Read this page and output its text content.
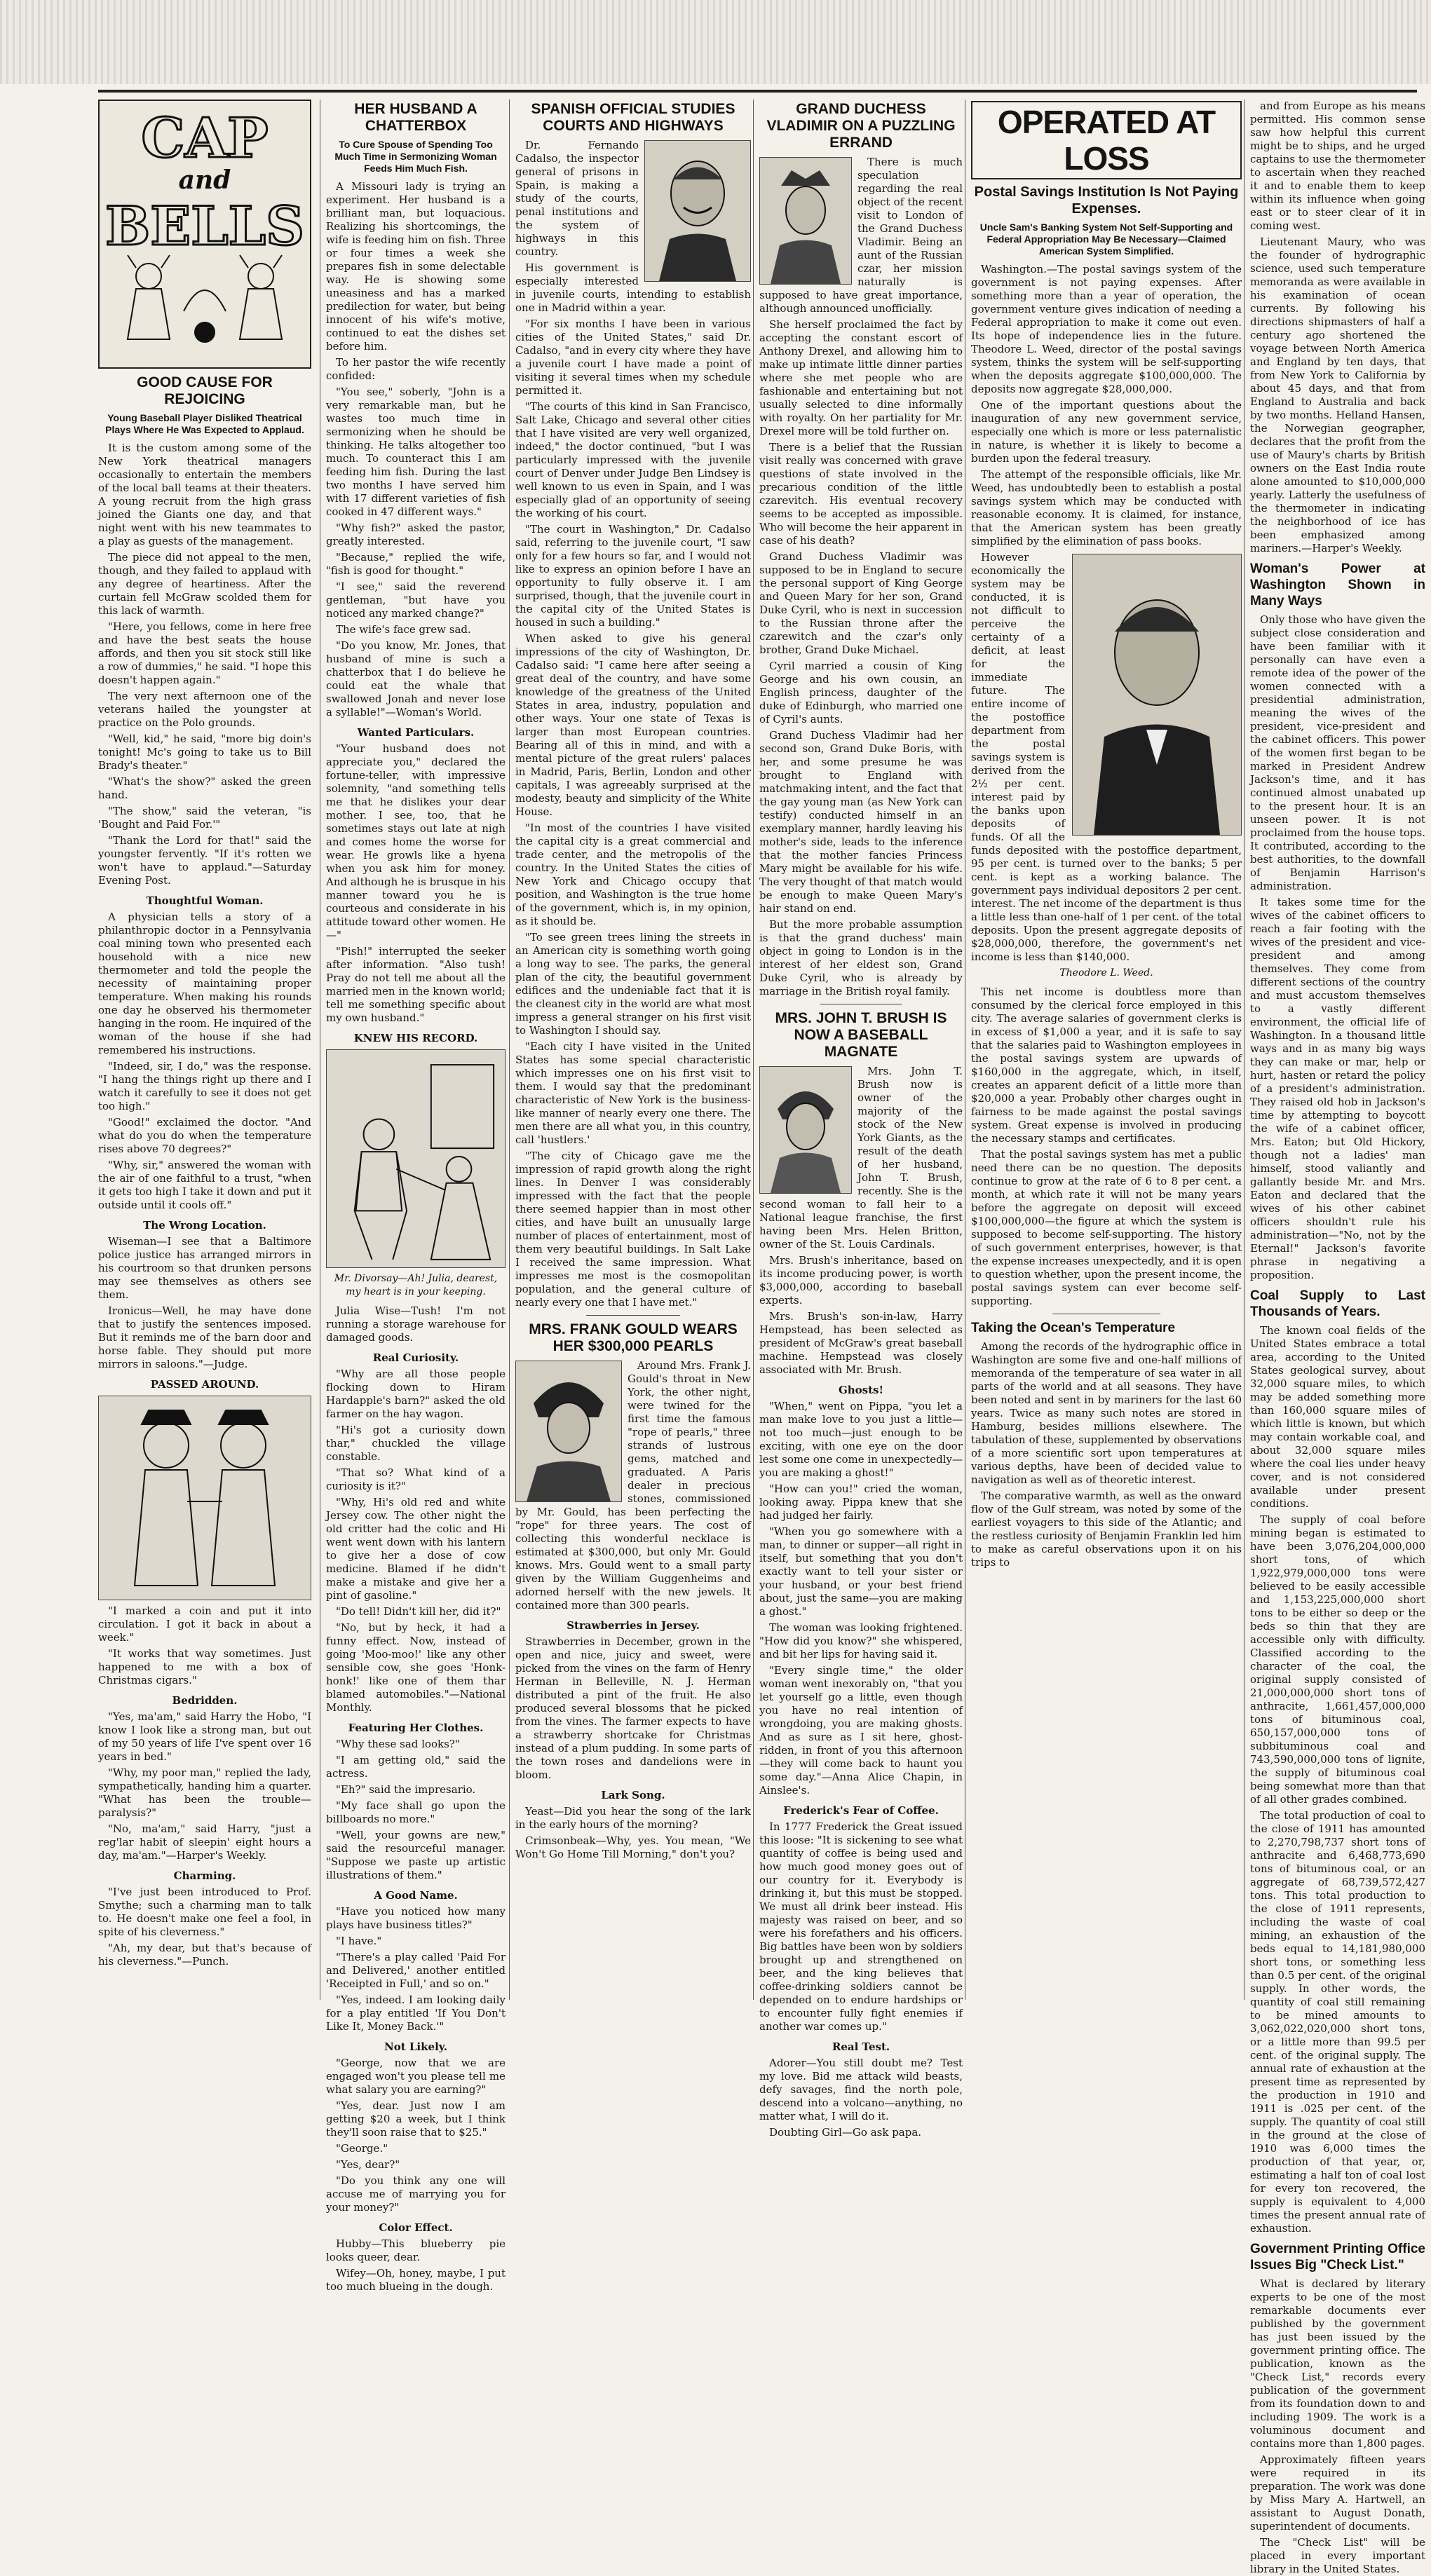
CAP
and
BELLS
GOOD CAUSE FOR REJOICING
Young Baseball Player Disliked Theatrical Plays Where He Was Expected to Applaud.

It is the custom among some of the New York theatrical managers occasionally to entertain the members of the local ball teams at their theaters. A young recruit from the high grass joined the Giants one day, and that night went with his new teammates to a play as guests of the management.

The piece did not appeal to the men, though, and they failed to applaud with any degree of heartiness. After the curtain fell McGraw scolded them for this lack of warmth.

"Here, you fellows, come in here free and have the best seats the house affords, and then you sit stock still like a row of dummies," he said. "I hope this doesn't happen again."

The very next afternoon one of the veterans hailed the youngster at practice on the Polo grounds.

"Well, kid," he said, "more big doin's tonight! Mc's going to take us to Bill Brady's theater."

"What's the show?" asked the green hand.

"The show," said the veteran, "is 'Bought and Paid For.'"

"Thank the Lord for that!" said the youngster fervently. "If it's rotten we won't have to applaud."—Saturday Evening Post.

Thoughtful Woman.

A physician tells a story of a philanthropic doctor in a Pennsylvania coal mining town who presented each household with a nice new thermometer and told the people the necessity of maintaining proper temperature. When making his rounds one day he observed his thermometer hanging in the room. He inquired of the woman of the house if she had remembered his instructions.

"Indeed, sir, I do," was the response. "I hang the things right up there and I watch it carefully to see it does not get too high."

"Good!" exclaimed the doctor. "And what do you do when the temperature rises above 70 degrees?"

"Why, sir," answered the woman with the air of one faithful to a trust, "when it gets too high I take it down and put it outside until it cools off."

The Wrong Location.

Wiseman—I see that a Baltimore police justice has arranged mirrors in his courtroom so that drunken persons may see themselves as others see them.

Ironicus—Well, he may have done that to justify the sentences imposed. But it reminds me of the barn door and horse fable. They should put more mirrors in saloons."—Judge.

PASSED AROUND.

"I marked a coin and put it into circulation. I got it back in about a week."

"It works that way sometimes. Just happened to me with a box of Christmas cigars."

Bedridden.

"Yes, ma'am," said Harry the Hobo, "I know I look like a strong man, but out of my 50 years of life I've spent over 16 years in bed."

"Why, my poor man," replied the lady, sympathetically, handing him a quarter. "What has been the trouble—paralysis?"

"No, ma'am," said Harry, "just a reg'lar habit of sleepin' eight hours a day, ma'am."—Harper's Weekly.

Charming.

"I've just been introduced to Prof. Smythe; such a charming man to talk to. He doesn't make one feel a fool, in spite of his cleverness."

"Ah, my dear, but that's because of his cleverness."—Punch.

HER HUSBAND A CHATTERBOX
To Cure Spouse of Spending Too Much Time in Sermonizing Woman Feeds Him Much Fish.

A Missouri lady is trying an experiment. Her husband is a brilliant man, but loquacious. Realizing his shortcomings, the wife is feeding him on fish. Three or four times a week she prepares fish in some delectable way. He is showing some uneasiness and has a marked predilection for water, but being innocent of his wife's motive, continued to eat the dishes set before him.

To her pastor the wife recently confided:

"You see," soberly, "John is a very remarkable man, but he wastes too much time in sermonizing when he should be thinking. He talks altogether too much. To counteract this I am feeding him fish. During the last two months I have served him with 17 different varieties of fish cooked in 47 different ways."

"Why fish?" asked the pastor, greatly interested.

"Because," replied the wife, "fish is good for thought."

"I see," said the reverend gentleman, "but have you noticed any marked change?"

The wife's face grew sad.

"Do you know, Mr. Jones, that husband of mine is such a chatterbox that I do believe he could eat the whale that swallowed Jonah and never lose a syllable!"—Woman's World.

Wanted Particulars.

"Your husband does not appreciate you," declared the fortune-teller, with impressive solemnity, "and something tells me that he dislikes your dear mother. I see, too, that he sometimes stays out late at nigh and comes home the worse for wear. He growls like a hyena when you ask him for money. And although he is brusque in his manner toward you he is courteous and considerate in his attitude toward other women. He—"

"Pish!" interrupted the seeker after information. "Also tush! Pray do not tell me about all the married men in the known world; tell me something specific about my own husband."

KNEW HIS RECORD.
Mr. Divorsay—Ah! Julia, dearest, my heart is in your keeping.

Julia Wise—Tush! I'm not running a storage warehouse for damaged goods.

Real Curiosity.

"Why are all those people flocking down to Hiram Hardapple's barn?" asked the old farmer on the hay wagon.

"Hi's got a curiosity down thar," chuckled the village constable.

"That so? What kind of a curiosity is it?"

"Why, Hi's old red and white Jersey cow. The other night the old critter had the colic and Hi went went down with his lantern to give her a dose of cow medicine. Blamed if he didn't make a mistake and give her a pint of gasoline."

"Do tell! Didn't kill her, did it?"

"No, but by heck, it had a funny effect. Now, instead of going 'Moo-moo!' like any other sensible cow, she goes 'Honk-honk!' like one of them thar blamed automobiles."—National Monthly.

Featuring Her Clothes.

"Why these sad looks?"

"I am getting old," said the actress.

"Eh?" said the impresario.

"My face shall go upon the billboards no more."

"Well, your gowns are new," said the resourceful manager. "Suppose we paste up artistic illustrations of them."

A Good Name.

"Have you noticed how many plays have business titles?"

"I have."

"There's a play called 'Paid For and Delivered,' another entitled 'Receipted in Full,' and so on."

"Yes, indeed. I am looking daily for a play entitled 'If You Don't Like It, Money Back.'"

Not Likely.

"George, now that we are engaged won't you please tell me what salary you are earning?"

"Yes, dear. Just now I am getting $20 a week, but I think they'll soon raise that to $25."

"George."

"Yes, dear?"

"Do you think any one will accuse me of marrying you for your money?"

Color Effect.

Hubby—This blueberry pie looks queer, dear.

Wifey—Oh, honey, maybe, I put too much blueing in the dough.

SPANISH OFFICIAL STUDIES COURTS AND HIGHWAYS

Dr. Fernando Cadalso, the inspector general of prisons in Spain, is making a study of the courts, penal institutions and the system of highways in this country.

His government is especially interested in juvenile courts, intending to establish one in Madrid within a year.

"For six months I have been in various cities of the United States," said Dr. Cadalso, "and in every city where they have a juvenile court I have made a point of visiting it several times when my schedule permitted it.

"The courts of this kind in San Francisco, Salt Lake, Chicago and several other cities that I have visited are very well organized, indeed," the doctor continued, "but I was particularly impressed with the juvenile court of Denver under Judge Ben Lindsey is well known to us even in Spain, and I was especially glad of an opportunity of seeing the working of his court.

"The court in Washington," Dr. Cadalso said, referring to the juvenile court, "I saw only for a few hours so far, and I would not like to express an opinion before I have an opportunity to fully observe it. I am surprised, though, that the juvenile court in the capital city of the United States is housed in such a building."

When asked to give his general impressions of the city of Washington, Dr. Cadalso said: "I came here after seeing a great deal of the country, and have some knowledge of the greatness of the United States in area, industry, population and other ways. Your one state of Texas is larger than most European countries. Bearing all of this in mind, and with a mental picture of the great rulers' palaces in Madrid, Paris, Berlin, London and other capitals, I was agreeably surprised at the modesty, beauty and simplicity of the White House.

"In most of the countries I have visited the capital city is a great commercial and trade center, and the metropolis of the country. In the United States the cities of New York and Chicago occupy that position, and Washington is the true home of the government, which is, in my opinion, as it should be.

"To see green trees lining the streets in an American city is something worth going a long way to see. The parks, the general plan of the city, the beautiful government edifices and the undeniable fact that it is the cleanest city in the world are what most impress a general stranger on his first visit to Washington I should say.

"Each city I have visited in the United States has some special characteristic which impresses one on his first visit to them. I would say that the predominant characteristic of New York is the business-like manner of nearly every one there. The men there are all what you, in this country, call 'hustlers.'

"The city of Chicago gave me the impression of rapid growth along the right lines. In Denver I was considerably impressed with the fact that the people there seemed happier than in most other cities, and have built an unusually large number of places of entertainment, most of them very beautiful buildings. In Salt Lake I received the same impression. What impresses me most is the cosmopolitan population, and the general culture of nearly every one that I have met."

MRS. FRANK GOULD WEARS HER $300,000 PEARLS

Around Mrs. Frank J. Gould's throat in New York, the other night, were twined for the first time the famous "rope of pearls," three strands of lustrous gems, matched and graduated. A Paris dealer in precious stones, commissioned by Mr. Gould, has been perfecting the "rope" for three years. The cost of collecting this wonderful necklace is estimated at $300,000, but only Mr. Gould knows. Mrs. Gould went to a small party given by the William Guggenheims and adorned herself with the new jewels. It contained more than 300 pearls.

Strawberries in Jersey.

Strawberries in December, grown in the open and nice, juicy and sweet, were picked from the vines on the farm of Henry Herman in Belleville, N. J. Herman distributed a pint of the fruit. He also produced several blossoms that he picked from the vines. The farmer expects to have a strawberry shortcake for Christmas instead of a plum pudding. In some parts of the town roses and dandelions were in bloom.

Lark Song.

Yeast—Did you hear the song of the lark in the early hours of the morning?

Crimsonbeak—Why, yes. You mean, "We Won't Go Home Till Morning," don't you?

GRAND DUCHESS VLADIMIR ON A PUZZLING ERRAND

There is much speculation regarding the real object of the recent visit to London of the Grand Duchess Vladimir. Being an aunt of the Russian czar, her mission naturally is supposed to have great importance, although announced unofficially.

She herself proclaimed the fact by accepting the constant escort of Anthony Drexel, and allowing him to make up intimate little dinner parties where she met people who are fashionable and entertaining but not usually selected to dine informally with royalty. On her partiality for Mr. Drexel more will be told further on.

There is a belief that the Russian visit really was concerned with grave questions of state involved in the precarious condition of the little czarevitch. His eventual recovery seems to be accepted as impossible. Who will become the heir apparent in case of his death?

Grand Duchess Vladimir was supposed to be in England to secure the personal support of King George and Queen Mary for her son, Grand Duke Cyril, who is next in succession to the Russian throne after the czarewitch and the czar's only brother, Grand Duke Michael.

Cyril married a cousin of King George and his own cousin, an English princess, daughter of the duke of Edinburgh, who married one of Cyril's aunts.

Grand Duchess Vladimir had her second son, Grand Duke Boris, with her, and some presume he was brought to England with matchmaking intent, and the fact that the gay young man (as New York can testify) conducted himself in an exemplary manner, hardly leaving his mother's side, leads to the inference that the mother fancies Princess Mary might be available for his wife. The very thought of that match would be enough to make Queen Mary's hair stand on end.

But the more probable assumption is that the grand duchess' main object in going to London is in the interest of her eldest son, Grand Duke Cyril, who is already by marriage in the British royal family.

MRS. JOHN T. BRUSH IS NOW A BASEBALL MAGNATE

Mrs. John T. Brush now is owner of the majority of the stock of the New York Giants, as the result of the death of her husband, John T. Brush, recently. She is the second woman to fall heir to a National league franchise, the first having been Mrs. Helen Britton, owner of the St. Louis Cardinals.

Mrs. Brush's inheritance, based on its income producing power, is worth $3,000,000, according to baseball experts.

Mrs. Brush's son-in-law, Harry Hempstead, has been selected as president of McGraw's great baseball machine. Hempstead was closely associated with Mr. Brush.

Ghosts!

"When," went on Pippa, "you let a man make love to you just a little—not too much—just enough to be exciting, with one eye on the door lest some one come in unexpectedly—you are making a ghost!"

"How can you!" cried the woman, looking away. Pippa knew that she had judged her fairly.

"When you go somewhere with a man, to dinner or supper—all right in itself, but something that you don't exactly want to tell your sister or your husband, or your best friend about, just the same—you are making a ghost."

The woman was looking frightened. "How did you know?" she whispered, and bit her lips for having said it.

"Every single time," the older woman went inexorably on, "that you let yourself go a little, even though you have no real intention of wrongdoing, you are making ghosts. And as sure as I sit here, ghost-ridden, in front of you this afternoon—they will come back to haunt you some day."—Anna Alice Chapin, in Ainslee's.

Frederick's Fear of Coffee.

In 1777 Frederick the Great issued this loose: "It is sickening to see what quantity of coffee is being used and how much good money goes out of our country for it. Everybody is drinking it, but this must be stopped. We must all drink beer instead. His majesty was raised on beer, and so were his forefathers and his officers. Big battles have been won by soldiers brought up and strengthened on beer, and the king believes that coffee-drinking soldiers cannot be depended on to endure hardships or to encounter fully fight enemies if another war comes up."

Real Test.

Adorer—You still doubt me? Test my love. Bid me attack wild beasts, defy savages, find the north pole, descend into a volcano—anything, no matter what, I will do it.

Doubting Girl—Go ask papa.

OPERATED AT LOSS
Postal Savings Institution Is Not Paying Expenses.
Uncle Sam's Banking System Not Self-Supporting and Federal Appropriation May Be Necessary—Claimed American System Simplified.

Washington.—The postal savings system of the government is not paying expenses. After something more than a year of operation, the government venture gives indication of needing a Federal appropriation to make it come out even. Its hope of independence lies in the future. Theodore L. Weed, director of the postal savings system, thinks the system will be self-supporting when the deposits aggregate $100,000,000. The deposits now aggregate $28,000,000.

One of the important questions about the inauguration of any new government service, especially one which is more or less paternalistic in nature, is whether it is likely to become a burden upon the federal treasury.

The attempt of the responsible officials, like Mr. Weed, has undoubtedly been to establish a postal savings system which may be conducted with reasonable economy. It is claimed, for instance, that the American system has been greatly simplified by the elimination of pass books.

However economically the system may be conducted, it is not difficult to perceive the certainty of a deficit, at least for the immediate future. The entire income of the postoffice department from the postal savings system is derived from the 2½ per cent. interest paid by the banks upon deposits of funds. Of all the funds deposited with the postoffice department, 95 per cent. is turned over to the banks; 5 per cent. is kept as a working balance. The government pays individual depositors 2 per cent. interest. The net income of the department is thus a little less than one-half of 1 per cent. of the total deposits. Upon the present aggregate deposits of $28,000,000, therefore, the government's net income is less than $140,000.

Theodore L. Weed.

This net income is doubtless more than consumed by the clerical force employed in this city. The average salaries of government clerks is in excess of $1,000 a year, and it is safe to say that the salaries paid to Washington employees in the postal savings system are upwards of $160,000 in the aggregate, which, in itself, creates an apparent deficit of a little more than $20,000 a year. Probably other charges ought in fairness to be made against the postal savings system. Great expense is involved in producing the necessary stamps and certificates.

That the postal savings system has met a public need there can be no question. The deposits continue to grow at the rate of 6 to 8 per cent. a month, at which rate it will not be many years before the aggregate on deposit will exceed $100,000,000—the figure at which the system is supposed to become self-supporting. The history of such government enterprises, however, is that the expense increases unexpectedly, and it is open to question whether, upon the present income, the postal savings system can ever become self-supporting.

Taking the Ocean's Temperature

Among the records of the hydrographic office in Washington are some five and one-half millions of memoranda of the temperature of sea water in all parts of the world and at all seasons. They have been noted and sent in by mariners for the last 60 years. Twice as many such notes are stored in Hamburg, besides millions elsewhere. The tabulation of these, supplemented by observations of a more scientific sort upon temperatures at various depths, have been of decided value to navigation as well as of theoretic interest.

The comparative warmth, as well as the onward flow of the Gulf stream, was noted by some of the earliest voyagers to this side of the Atlantic; and the restless curiosity of Benjamin Franklin led him to make as careful observations upon it on his trips to

and from Europe as his means permitted. His common sense saw how helpful this current might be to ships, and he urged captains to use the thermometer to ascertain when they reached it and to enable them to keep within its influence when going east or to steer clear of it in coming west.

Lieutenant Maury, who was the founder of hydrographic science, used such temperature memoranda as were available in his examination of ocean currents. By following his directions shipmasters of half a century ago shortened the voyage between North America and England by ten days, that from New York to California by about 45 days, and that from England to Australia and back by two months. Helland Hansen, the Norwegian geographer, declares that the profit from the use of Maury's charts by British owners on the East India route alone amounted to $10,000,000 yearly. Latterly the usefulness of the thermometer in indicating the neighborhood of ice has been emphasized among mariners.—Harper's Weekly.

Woman's Power at Washington Shown in Many Ways

Only those who have given the subject close consideration and have been familiar with it personally can have even a remote idea of the power of the women connected with a presidential administration, meaning the wives of the president, vice-president and the cabinet officers. This power of the women first began to be marked in President Andrew Jackson's time, and it has continued almost unabated up to the present hour. It is an unseen power. It is not proclaimed from the house tops. It contributed, according to the best authorities, to the downfall of Benjamin Harrison's administration.

It takes some time for the wives of the cabinet officers to reach a fair footing with the wives of the president and vice-president and among themselves. They come from different sections of the country and must accustom themselves to a vastly different environment, the official life of Washington. In a thousand little ways and in as many big ways they can make or mar, help or hurt, hasten or retard the policy of a president's administration. They raised old hob in Jackson's time by attempting to boycott the wife of a cabinet officer, Mrs. Eaton; but Old Hickory, though not a ladies' man himself, stood valiantly and gallantly beside Mr. and Mrs. Eaton and declared that the wives of his other cabinet officers shouldn't rule his administration—"No, not by the Eternal!" Jackson's favorite phrase in negativing a proposition.

Coal Supply to Last Thousands of Years.

The known coal fields of the United States embrace a total area, according to the United States geological survey, about 32,000 square miles, to which may be added something more than 160,000 square miles of which little is known, but which may contain workable coal, and about 32,000 square miles where the coal lies under heavy cover, and is not considered available under present conditions.

The supply of coal before mining began is estimated to have been 3,076,204,000,000 short tons, of which 1,922,979,000,000 tons were believed to be easily accessible and 1,153,225,000,000 short tons to be either so deep or the beds so thin that they are accessible only with difficulty. Classified according to the character of the coal, the original supply consisted of 21,000,000,000 short tons of anthracite, 1,661,457,000,000 tons of bituminous coal, 650,157,000,000 tons of subbituminous coal and 743,590,000,000 tons of lignite, the supply of bituminous coal being somewhat more than that of all other grades combined.

The total production of coal to the close of 1911 has amounted to 2,270,798,737 short tons of anthracite and 6,468,773,690 tons of bituminous coal, or an aggregate of 68,739,572,427 tons. This total production to the close of 1911 represents, including the waste of coal mining, an exhaustion of the beds equal to 14,181,980,000 short tons, or something less than 0.5 per cent. of the original supply. In other words, the quantity of coal still remaining to be mined amounts to 3,062,022,020,000 short tons, or a little more than 99.5 per cent. of the original supply. The annual rate of exhaustion at the present time as represented by the production in 1910 and 1911 is .025 per cent. of the supply. The quantity of coal still in the ground at the close of 1910 was 6,000 times the production of that year, or, estimating a half ton of coal lost for every ton recovered, the supply is equivalent to 4,000 times the present annual rate of exhaustion.

Government Printing Office Issues Big "Check List."

What is declared by literary experts to be one of the most remarkable documents ever published by the government has just been issued by the government printing office. The publication, known as the "Check List," records every publication of the government from its foundation down to and including 1909. The work is a voluminous document and contains more than 1,800 pages.

Approximately fifteen years were required in its preparation. The work was done by Miss Mary A. Hartwell, an assistant to August Donath, superintendent of documents.

The "Check List" will be placed in every important library in the United States.
